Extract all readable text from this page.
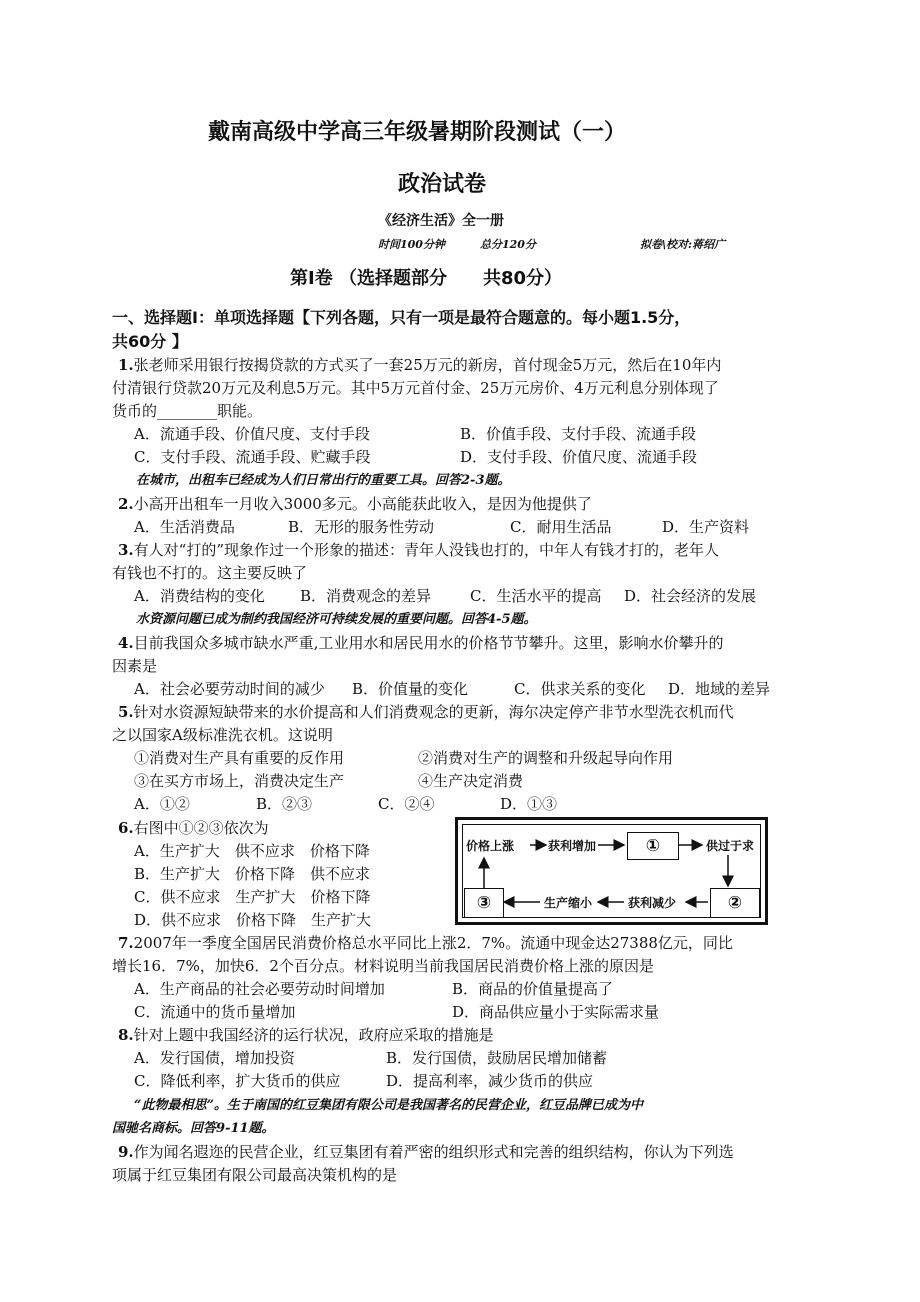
戴南高级中学高三年级暑期阶段测试（一）
政治试卷
《经济生活》全一册
时间100分钟	总分120分	拟卷\校对:蒋绍广
第Ⅰ卷 （选择题部分　　共80分）
一、选择题Ⅰ：单项选择题【下列各题，只有一项是最符合题意的。每小题1.5分，
共60分 】
1.张老师采用银行按揭贷款的方式买了一套25万元的新房，首付现金5万元，然后在10年内
付清银行贷款20万元及利息5万元。其中5万元首付金、25万元房价、4万元利息分别体现了
货币的________职能。
A．流通手段、价值尺度、支付手段	B．价值手段、支付手段、流通手段
C．支付手段、流通手段、贮藏手段	D．支付手段、价值尺度、流通手段
在城市，出租车已经成为人们日常出行的重要工具。回答2-3题。
2.小高开出租车一月收入3000多元。小高能获此收入，是因为他提供了
A．生活消费品	B．无形的服务性劳动	C．耐用生活品	D．生产资料
3.有人对“打的”现象作过一个形象的描述：青年人没钱也打的，中年人有钱才打的，老年人
有钱也不打的。这主要反映了
A．消费结构的变化 B．消费观念的差异	C．生活水平的提高 D．社会经济的发展
水资源问题已成为制约我国经济可持续发展的重要问题。回答4-5题。
4.目前我国众多城市缺水严重,工业用水和居民用水的价格节节攀升。这里，影响水价攀升的
因素是
A．社会必要劳动时间的减少 B．价值量的变化	C．供求关系的变化 D．地域的差异
5.针对水资源短缺带来的水价提高和人们消费观念的更新，海尔决定停产非节水型洗衣机而代
之以国家A级标准洗衣机。这说明
①消费对生产具有重要的反作用	②消费对生产的调整和升级起导向作用
③在买方市场上，消费决定生产	④生产决定消费
A．①②	B．②③	C．②④	D．①③
6.右图中①②③依次为
A．生产扩大　供不应求　价格下降
B．生产扩大　价格下降　供不应求
C．供不应求　生产扩大　价格下降
D．供不应求　价格下降　生产扩大
价格上涨	获利增加	①	供过于求
②
获利减少
生产缩小
③
7.2007年一季度全国居民消费价格总水平同比上涨2．7%。流通中现金达27388亿元，同比
增长16．7%，加快6．2个百分点。材料说明当前我国居民消费价格上涨的原因是
A．生产商品的社会必要劳动时间增加	B．商品的价值量提高了
C．流通中的货币量增加	D．商品供应量小于实际需求量
8.针对上题中我国经济的运行状况，政府应采取的措施是
A．发行国债，增加投资	B．发行国债，鼓励居民增加储蓄
C．降低利率，扩大货币的供应	D．提高利率，减少货币的供应
“此物最相思”。生于南国的红豆集团有限公司是我国著名的民营企业，红豆品牌已成为中
国驰名商标。回答9-11题。
9.作为闻名遐迩的民营企业，红豆集团有着严密的组织形式和完善的组织结构，你认为下列选
项属于红豆集团有限公司最高决策机构的是
